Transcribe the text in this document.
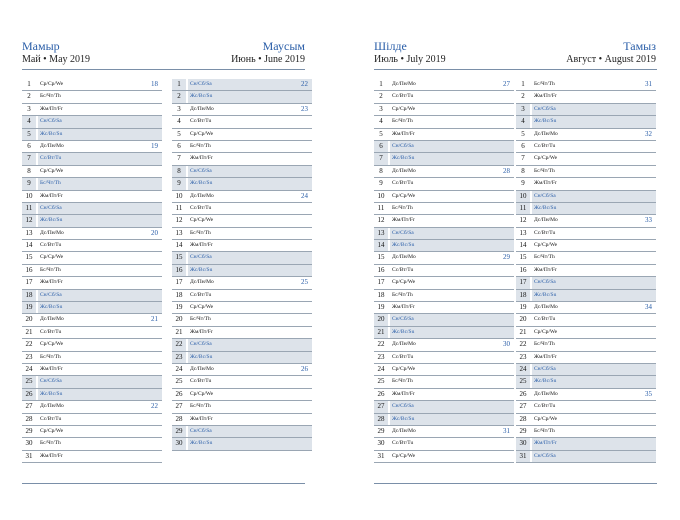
Мамыр
Май • May 2019
Маусым
Июнь • June 2019
1	Ср/Ср/We	18
2	Бс/Чт/Th
3	Жм/Пт/Fr
4	Сн/Сб/Sa
5	Жс/Вс/Su
6	Дс/Пн/Mo	19
7	Сс/Вт/Tu
8	Ср/Ср/We
9	Бс/Чт/Th
10	Жм/Пт/Fr
11	Сн/Сб/Sa
12	Жс/Вс/Su
13	Дс/Пн/Mo	20
14	Сс/Вт/Tu
15	Ср/Ср/We
16	Бс/Чт/Th
17	Жм/Пт/Fr
18	Сн/Сб/Sa
19	Жс/Вс/Su
20	Дс/Пн/Mo	21
21	Сс/Вт/Tu
22	Ср/Ср/We
23	Бс/Чт/Th
24	Жм/Пт/Fr
25	Сн/Сб/Sa
26	Жс/Вс/Su
27	Дс/Пн/Mo	22
28	Сс/Вт/Tu
29	Ср/Ср/We
30	Бс/Чт/Th
31	Жм/Пт/Fr
1	Сн/Сб/Sa	22
2	Жс/Вс/Su
3	Дс/Пн/Mo	23
4	Сс/Вт/Tu
5	Ср/Ср/We
6	Бс/Чт/Th
7	Жм/Пт/Fr
8	Сн/Сб/Sa
9	Жс/Вс/Su
10	Дс/Пн/Mo	24
11	Сс/Вт/Tu
12	Ср/Ср/We
13	Бс/Чт/Th
14	Жм/Пт/Fr
15	Сн/Сб/Sa
16	Жс/Вс/Su
17	Дс/Пн/Mo	25
18	Сс/Вт/Tu
19	Ср/Ср/We
20	Бс/Чт/Th
21	Жм/Пт/Fr
22	Сн/Сб/Sa
23	Жс/Вс/Su
24	Дс/Пн/Mo	26
25	Сс/Вт/Tu
26	Ср/Ср/We
27	Бс/Чт/Th
28	Жм/Пт/Fr
29	Сн/Сб/Sa
30	Жс/Вс/Su
Шілде
Июль • July 2019
Тамыз
Август • August 2019
1	Дс/Пн/Mo	27
2	Сс/Вт/Tu
3	Ср/Ср/We
4	Бс/Чт/Th
5	Жм/Пт/Fr
6	Сн/Сб/Sa
7	Жс/Вс/Su
8	Дс/Пн/Mo	28
9	Сс/Вт/Tu
10	Ср/Ср/We
11	Бс/Чт/Th
12	Жм/Пт/Fr
13	Сн/Сб/Sa
14	Жс/Вс/Su
15	Дс/Пн/Mo	29
16	Сс/Вт/Tu
17	Ср/Ср/We
18	Бс/Чт/Th
19	Жм/Пт/Fr
20	Сн/Сб/Sa
21	Жс/Вс/Su
22	Дс/Пн/Mo	30
23	Сс/Вт/Tu
24	Ср/Ср/We
25	Бс/Чт/Th
26	Жм/Пт/Fr
27	Сн/Сб/Sa
28	Жс/Вс/Su
29	Дс/Пн/Mo	31
30	Сс/Вт/Tu
31	Ср/Ср/We
1	Бс/Чт/Th	31
2	Жм/Пт/Fr
3	Сн/Сб/Sa
4	Жс/Вс/Su
5	Дс/Пн/Mo	32
6	Сс/Вт/Tu
7	Ср/Ср/We
8	Бс/Чт/Th
9	Жм/Пт/Fr
10	Сн/Сб/Sa
11	Жс/Вс/Su
12	Дс/Пн/Mo	33
13	Сс/Вт/Tu
14	Ср/Ср/We
15	Бс/Чт/Th
16	Жм/Пт/Fr
17	Сн/Сб/Sa
18	Жс/Вс/Su
19	Дс/Пн/Mo	34
20	Сс/Вт/Tu
21	Ср/Ср/We
22	Бс/Чт/Th
23	Жм/Пт/Fr
24	Сн/Сб/Sa
25	Жс/Вс/Su
26	Дс/Пн/Mo	35
27	Сс/Вт/Tu
28	Ср/Ср/We
29	Бс/Чт/Th
30	Жм/Пт/Fr
31	Сн/Сб/Sa
